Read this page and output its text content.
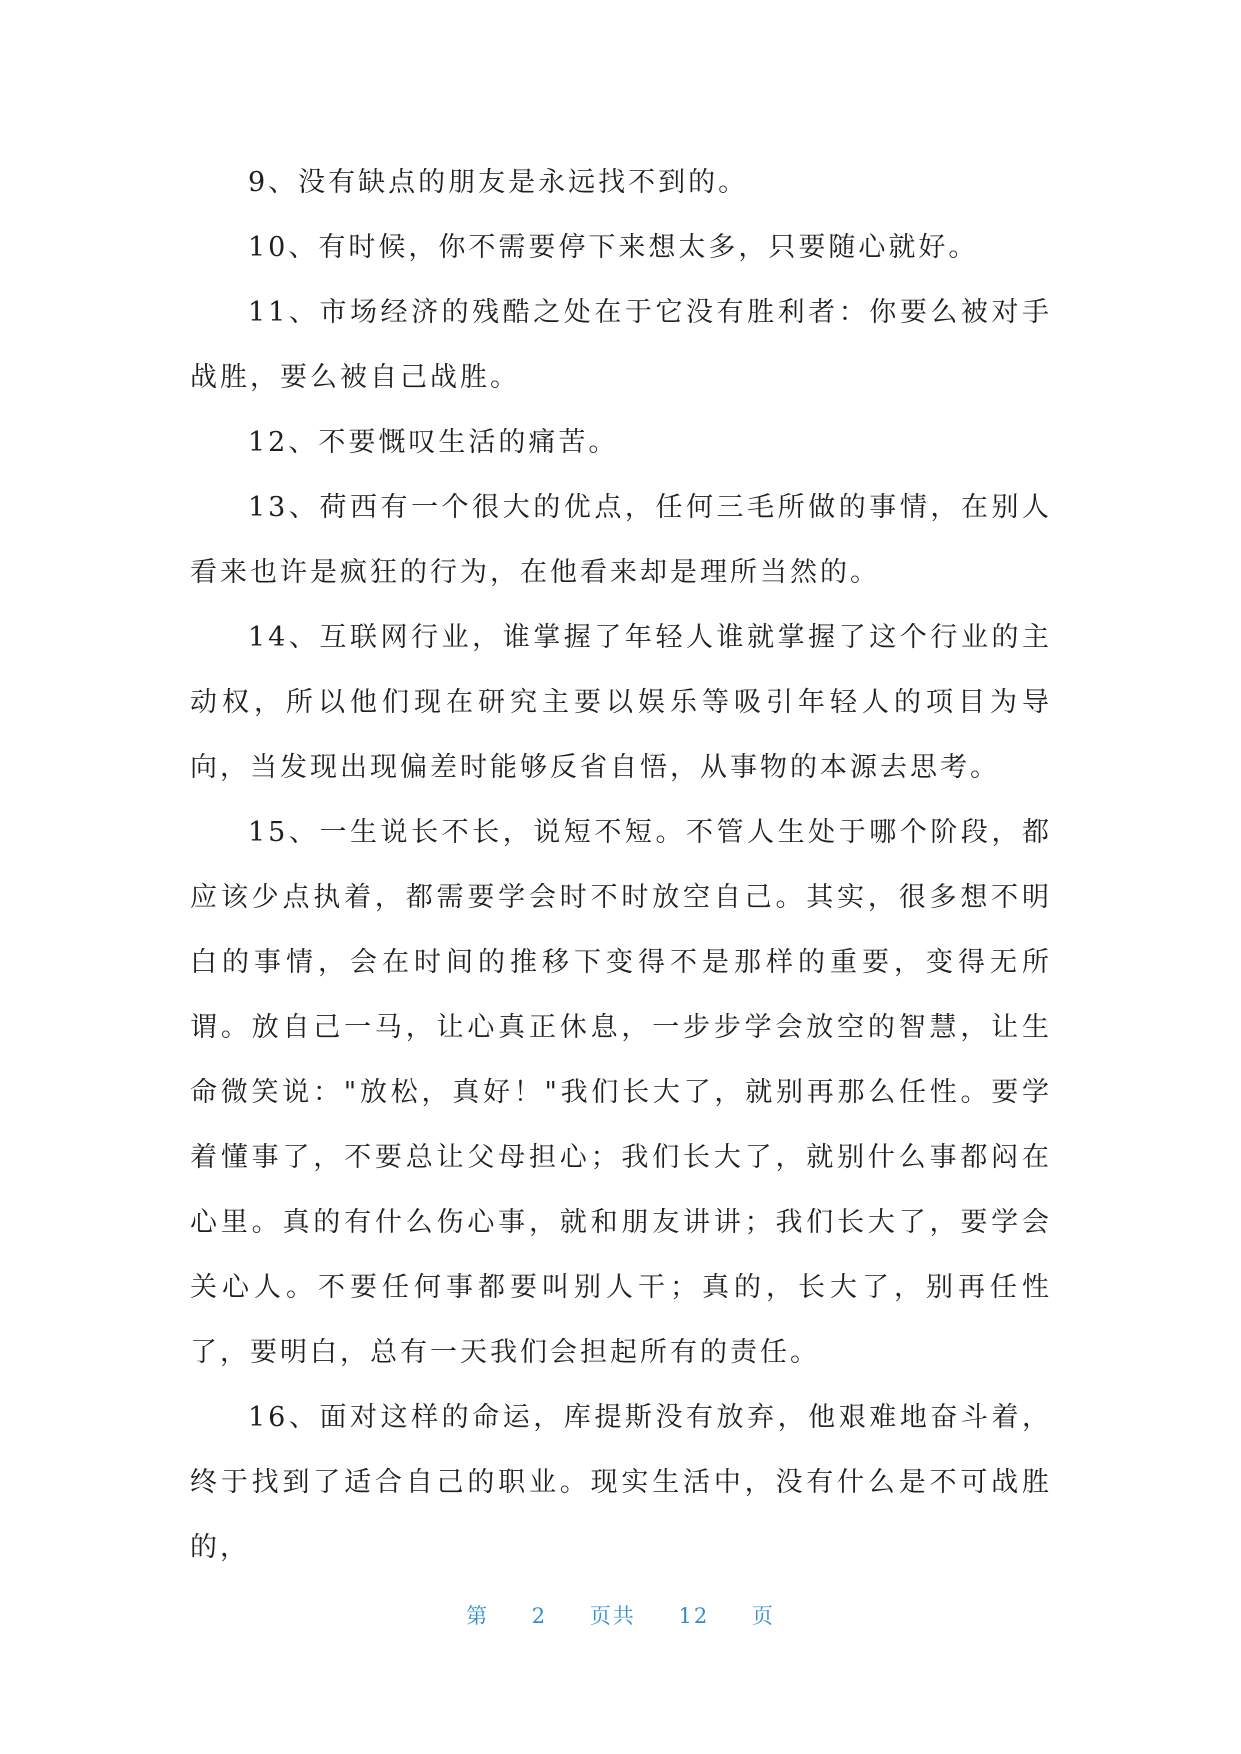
9、没有缺点的朋友是永远找不到的。

10、有时候，你不需要停下来想太多，只要随心就好。

11、市场经济的残酷之处在于它没有胜利者：你要么被对手战胜，要么被自己战胜。

12、不要慨叹生活的痛苦。

13、荷西有一个很大的优点，任何三毛所做的事情，在别人看来也许是疯狂的行为，在他看来却是理所当然的。

14、互联网行业，谁掌握了年轻人谁就掌握了这个行业的主动权，所以他们现在研究主要以娱乐等吸引年轻人的项目为导向，当发现出现偏差时能够反省自悟，从事物的本源去思考。

15、一生说长不长，说短不短。不管人生处于哪个阶段，都应该少点执着，都需要学会时不时放空自己。其实，很多想不明白的事情，会在时间的推移下变得不是那样的重要，变得无所谓。放自己一马，让心真正休息，一步步学会放空的智慧，让生命微笑说："放松，真好！"我们长大了，就别再那么任性。要学着懂事了，不要总让父母担心；我们长大了，就别什么事都闷在心里。真的有什么伤心事，就和朋友讲讲；我们长大了，要学会关心人。不要任何事都要叫别人干；真的，长大了，别再任性了，要明白，总有一天我们会担起所有的责任。

16、面对这样的命运，库提斯没有放弃，他艰难地奋斗着，终于找到了适合自己的职业。现实生活中，没有什么是不可战胜的，

第 2 页共 12 页
